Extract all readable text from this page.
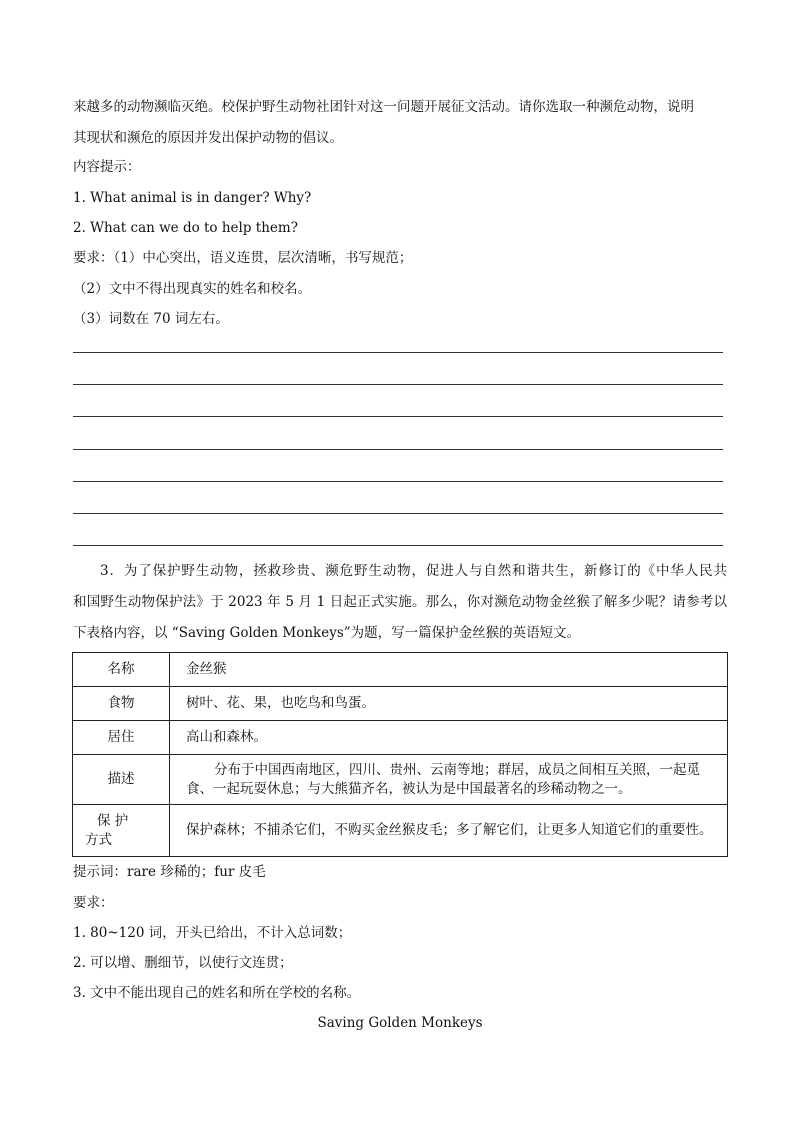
来越多的动物濒临灭绝。校保护野生动物社团针对这一问题开展征文活动。请你选取一种濒危动物，说明
其现状和濒危的原因并发出保护动物的倡议。
内容提示：
1. What animal is in danger? Why?
2. What can we do to help them?
要求：（1）中心突出，语义连贯，层次清晰，书写规范；
（2）文中不得出现真实的姓名和校名。
（3）词数在 70 词左右。
3．为了保护野生动物，拯救珍贵、濒危野生动物，促进人与自然和谐共生，新修订的《中华人民共
和国野生动物保护法》于 2023 年 5 月 1 日起正式实施。那么，你对濒危动物金丝猴了解多少呢？请参考以
下表格内容，以 “Saving Golden Monkeys”为题，写一篇保护金丝猴的英语短文。
名称	金丝猴
食物	树叶、花、果，也吃鸟和鸟蛋。
居住	高山和森林。
描述	分布于中国西南地区，四川、贵州、云南等地；群居，成员之间相互关照，一起觅食、一起玩耍休息；与大熊猫齐名，被认为是中国最著名的珍稀动物之一。

保 护
方式	保护森林；不捕杀它们，不购买金丝猴皮毛；多了解它们，让更多人知道它们的重要性。
提示词：rare 珍稀的；fur 皮毛
要求：
1. 80~120 词，开头已给出，不计入总词数；
2. 可以增、删细节，以使行文连贯；
3. 文中不能出现自己的姓名和所在学校的名称。
Saving Golden Monkeys
